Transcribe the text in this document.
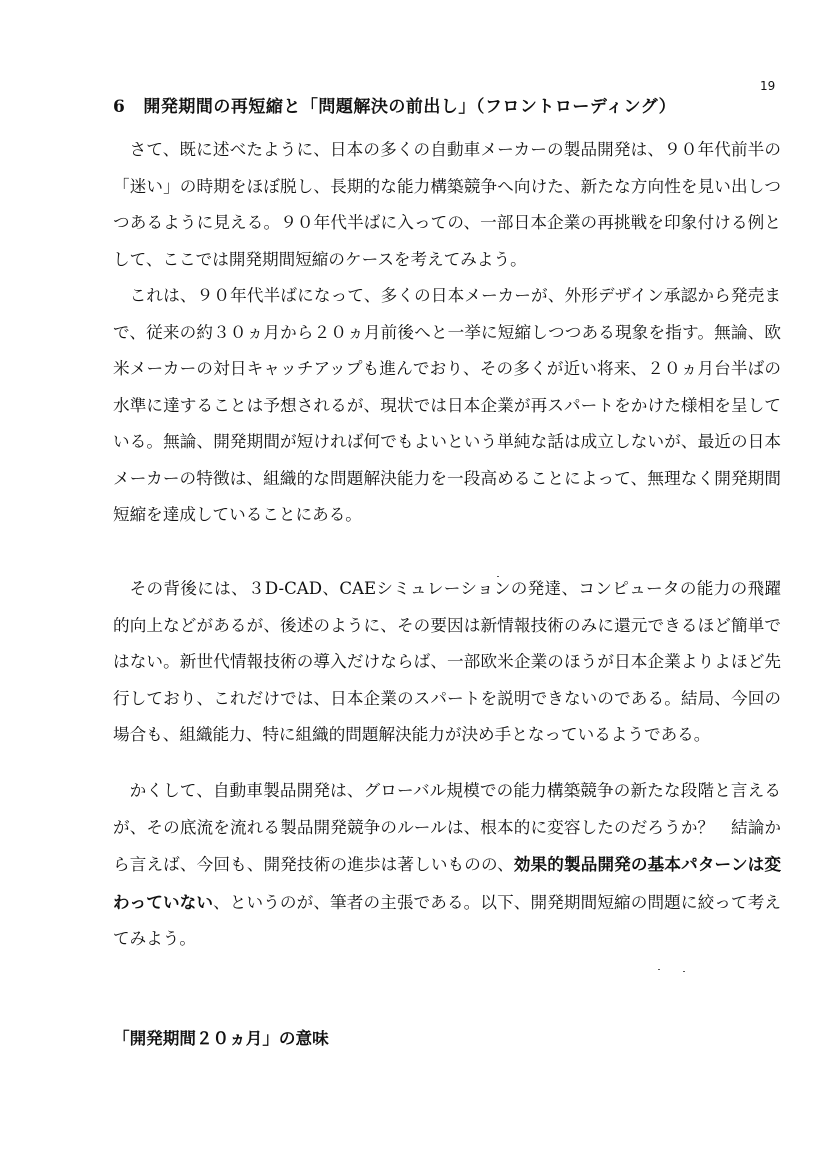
19
6 開発期間の再短縮と「問題解決の前出し」（フロントローディング）

さて、既に述べたように、日本の多くの自動車メーカーの製品開発は、９０年代前半の「迷い」の時期をほぼ脱し、長期的な能力構築競争へ向けた、新たな方向性を見い出しつつあるように見える。９０年代半ばに入っての、一部日本企業の再挑戦を印象付ける例として、ここでは開発期間短縮のケースを考えてみよう。

これは、９０年代半ばになって、多くの日本メーカーが、外形デザイン承認から発売まで、従来の約３０ヵ月から２０ヵ月前後へと一挙に短縮しつつある現象を指す。無論、欧米メーカーの対日キャッチアップも進んでおり、その多くが近い将来、２０ヵ月台半ばの水準に達することは予想されるが、現状では日本企業が再スパートをかけた様相を呈している。無論、開発期間が短ければ何でもよいという単純な話は成立しないが、最近の日本メーカーの特徴は、組織的な問題解決能力を一段高めることによって、無理なく開発期間短縮を達成していることにある。

その背後には、３D-CAD、CAEシミュレーションの発達、コンピュータの能力の飛躍的向上などがあるが、後述のように、その要因は新情報技術のみに還元できるほど簡単ではない。新世代情報技術の導入だけならば、一部欧米企業のほうが日本企業よりよほど先行しており、これだけでは、日本企業のスパートを説明できないのである。結局、今回の場合も、組織能力、特に組織的問題解決能力が決め手となっているようである。

かくして、自動車製品開発は、グローバル規模での能力構築競争の新たな段階と言えるが、その底流を流れる製品開発競争のルールは、根本的に変容したのだろうか？　結論から言えば、今回も、開発技術の進歩は著しいものの、効果的製品開発の基本パターンは変わっていない、というのが、筆者の主張である。以下、開発期間短縮の問題に絞って考えてみよう。

「開発期間２０ヵ月」の意味
